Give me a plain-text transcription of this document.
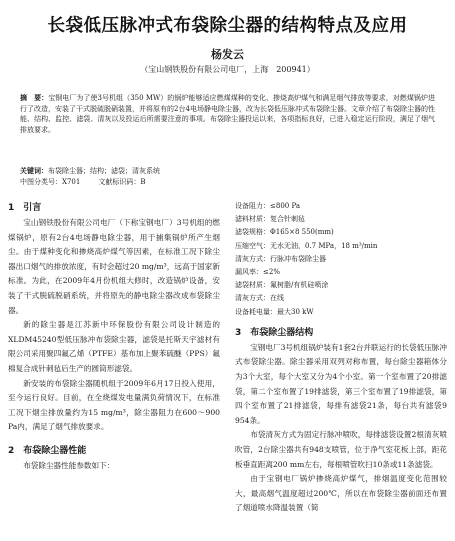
长袋低压脉冲式布袋除尘器的结构特点及应用
杨发云
（宝山钢铁股份有限公司电厂，上海　200941）
摘　要：宝钢电厂为了使3号机组（350 MW）的锅炉能够适应燃煤煤种的变化、掺烧高炉煤气和满足烟气排放等要求，对燃煤锅炉进行了改造，安装了干式脱硫脱硝装置，并将原有的2台4电场静电除尘器，改为长袋低压脉冲式布袋除尘器。文章介绍了布袋除尘器的性能、结构、监控、滤袋、清灰以及投运后所需要注意的事项。布袋除尘器投运以来，各项指标良好，已进入稳定运行阶段，满足了烟气排放要求。
关键词：布袋除尘器；结构；滤袋；清灰系统
中图分类号：X701	文献标识码：B

1　引言

宝山钢铁股份有限公司电厂（下称宝钢电厂）3号机组的燃煤锅炉，原有2台4电场静电除尘器，用于捕集锅炉所产生烟尘。由于煤种变化和掺烧高炉煤气等因素，在标准工况下除尘器出口烟气的排放浓度，有时会超过20 mg/m³，远高于国家新标准。为此，在2009年4月份机组大修时，改造锅炉设备，安装了干式脱硫脱硝系统，并将原先的静电除尘器改成布袋除尘器。

新的除尘器是江苏新中环保股份有限公司设计制造的XLDM45240型低压脉冲布袋除尘器，滤袋是托斯天宇滤材有限公司采用聚四氟乙烯（PTFE）基布加上聚苯硫醚（PPS）氟棉复合成针刺毡后生产的圆筒形滤袋。

新安装的布袋除尘器随机组于2009年6月17日投入使用，至今运行良好。目前，在全烧煤发电量满负荷情况下，在标准工况下烟尘排放量约为15 mg/m³，除尘器阻力在600～900 Pa内，满足了烟气排放要求。

2　布袋除尘器性能

布袋除尘器性能参数如下：

设备阻力：≤800 Pa

滤料材质：复合针刺毡

滤袋规格：Φ165×8 550(mm)

压缩空气：无水无油，0.7 MPa，18 m³/min

清灰方式：行脉冲布袋除尘器

漏风率：≤2%

滤袋材质：氟树脂/有机硅喷涂

清灰方式：在线

设备耗电量：最大30 kW

3　布袋除尘器结构

宝钢电厂3号机组锅炉装有1套2台并联运行的长袋低压脉冲式布袋除尘器。除尘器采用双列对称布置，每台除尘器箱体分为3个大室，每个大室又分为4个小室。第一个室布置了20排滤袋，第二个室布置了19排滤袋，第三个室布置了19排滤袋，第四个室布置了21排滤袋，每排有滤袋21条，每台共有滤袋9 954条。

布袋清灰方式为固定行脉冲喷吹，每排滤袋设置2根清灰喷吹管，2台除尘器共有948支喷管，位于净气室花板上部，距花板垂直距离200 mm左右，每根喷管吹扫10条或11条滤袋。

由于宝钢电厂锅炉掺烧高炉煤气，排烟温度变化范围较大，最高烟气温度超过200℃，所以在布袋除尘器前面还布置了烟道喷水降温装置（简
